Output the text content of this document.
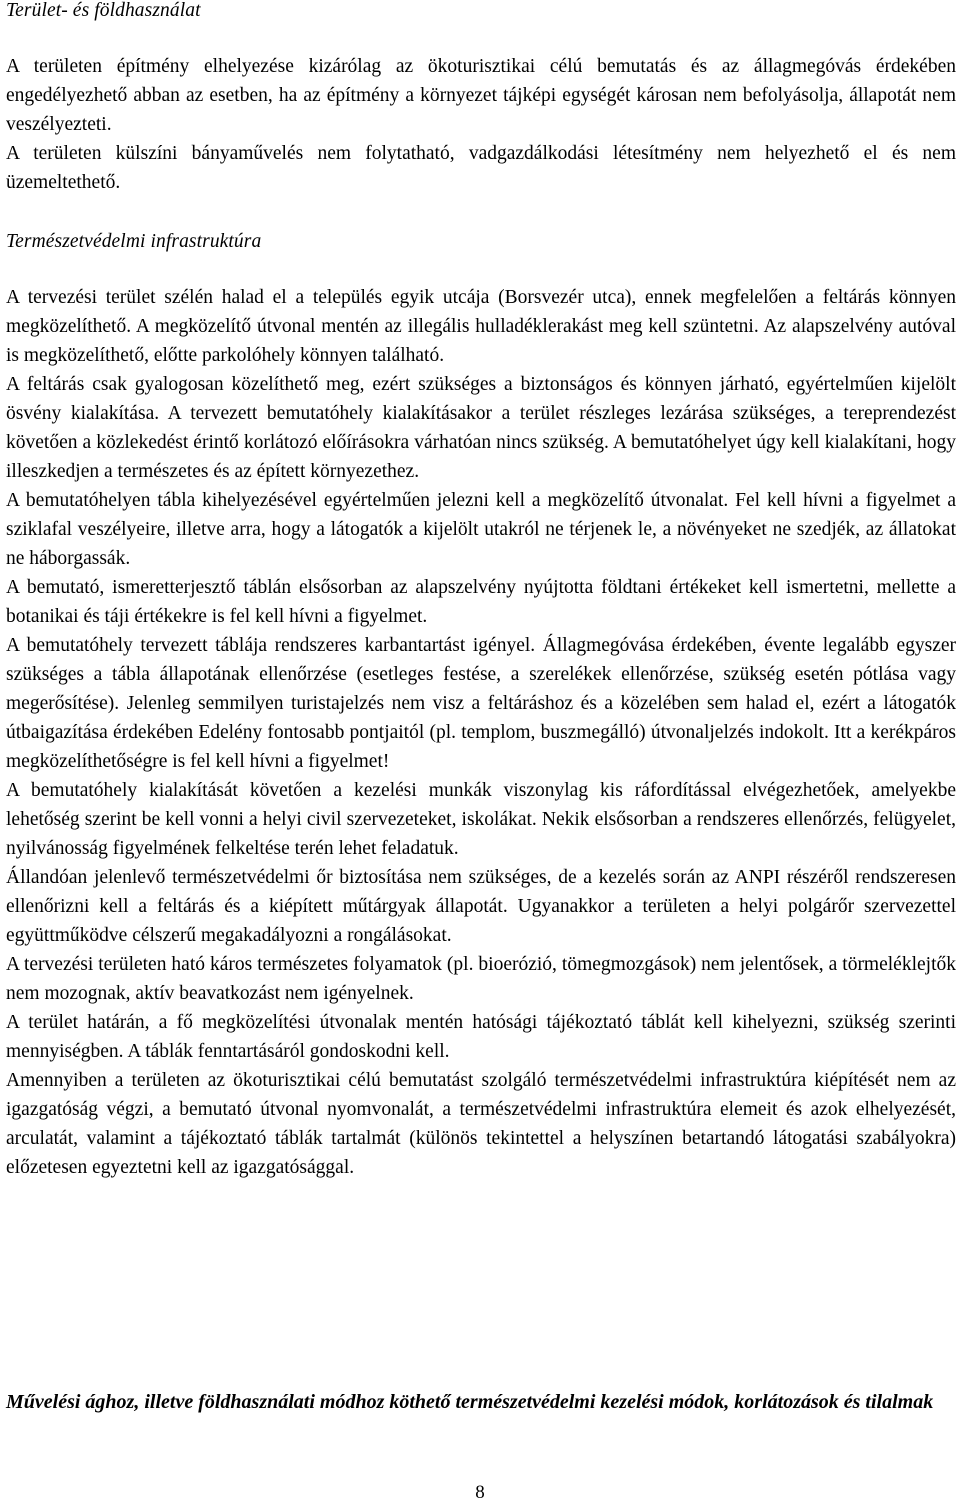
Terület- és földhasználat

A területen építmény elhelyezése kizárólag az ökoturisztikai célú bemutatás és az állagmegóvás érdekében engedélyezhető abban az esetben, ha az építmény a környezet tájképi egységét károsan nem befolyásolja, állapotát nem veszélyezteti.

A területen külszíni bányaművelés nem folytatható, vadgazdálkodási létesítmény nem helyezhető el és nem üzemeltethető.

Természetvédelmi infrastruktúra

A tervezési terület szélén halad el a település egyik utcája (Borsvezér utca), ennek megfelelően a feltárás könnyen megközelíthető. A megközelítő útvonal mentén az illegális hulladéklerakást meg kell szüntetni. Az alapszelvény autóval is megközelíthető, előtte parkolóhely könnyen található.

A feltárás csak gyalogosan közelíthető meg, ezért szükséges a biztonságos és könnyen járható, egyértelműen kijelölt ösvény kialakítása. A tervezett bemutatóhely kialakításakor a terület részleges lezárása szükséges, a tereprendezést követően a közlekedést érintő korlátozó előírásokra várhatóan nincs szükség. A bemutatóhelyet úgy kell kialakítani, hogy illeszkedjen a természetes és az épített környezethez.

A bemutatóhelyen tábla kihelyezésével egyértelműen jelezni kell a megközelítő útvonalat. Fel kell hívni a figyelmet a sziklafal veszélyeire, illetve arra, hogy a látogatók a kijelölt utakról ne térjenek le, a növényeket ne szedjék, az állatokat ne háborgassák.

A bemutató, ismeretterjesztő táblán elsősorban az alapszelvény nyújtotta földtani értékeket kell ismertetni, mellette a botanikai és táji értékekre is fel kell hívni a figyelmet.

A bemutatóhely tervezett táblája rendszeres karbantartást igényel. Állagmegóvása érdekében, évente legalább egyszer szükséges a tábla állapotának ellenőrzése (esetleges festése, a szerelékek ellenőrzése, szükség esetén pótlása vagy megerősítése). Jelenleg semmilyen turistajelzés nem visz a feltáráshoz és a közelében sem halad el, ezért a látogatók útbaigazítása érdekében Edelény fontosabb pontjaitól (pl. templom, buszmegálló) útvonaljelzés indokolt. Itt a kerékpáros megközelíthetőségre is fel kell hívni a figyelmet!

A bemutatóhely kialakítását követően a kezelési munkák viszonylag kis ráfordítással elvégezhetőek, amelyekbe lehetőség szerint be kell vonni a helyi civil szervezeteket, iskolákat. Nekik elsősorban a rendszeres ellenőrzés, felügyelet, nyilvánosság figyelmének felkeltése terén lehet feladatuk.

Állandóan jelenlevő természetvédelmi őr biztosítása nem szükséges, de a kezelés során az ANPI részéről rendszeresen ellenőrizni kell a feltárás és a kiépített műtárgyak állapotát. Ugyanakkor a területen a helyi polgárőr szervezettel együttműködve célszerű megakadályozni a rongálásokat.

A tervezési területen ható káros természetes folyamatok (pl. bioerózió, tömegmozgások) nem jelentősek, a törmeléklejtők nem mozognak, aktív beavatkozást nem igényelnek.

A terület határán, a fő megközelítési útvonalak mentén hatósági tájékoztató táblát kell kihelyezni, szükség szerinti mennyiségben. A táblák fenntartásáról gondoskodni kell.

Amennyiben a területen az ökoturisztikai célú bemutatást szolgáló természetvédelmi infrastruktúra kiépítését nem az igazgatóság végzi, a bemutató útvonal nyomvonalát, a természetvédelmi infrastruktúra elemeit és azok elhelyezését, arculatát, valamint a tájékoztató táblák tartalmát (különös tekintettel a helyszínen betartandó látogatási szabályokra) előzetesen egyeztetni kell az igazgatósággal.

Művelési ághoz, illetve földhasználati módhoz köthető természetvédelmi kezelési módok, korlátozások és tilalmak

8
